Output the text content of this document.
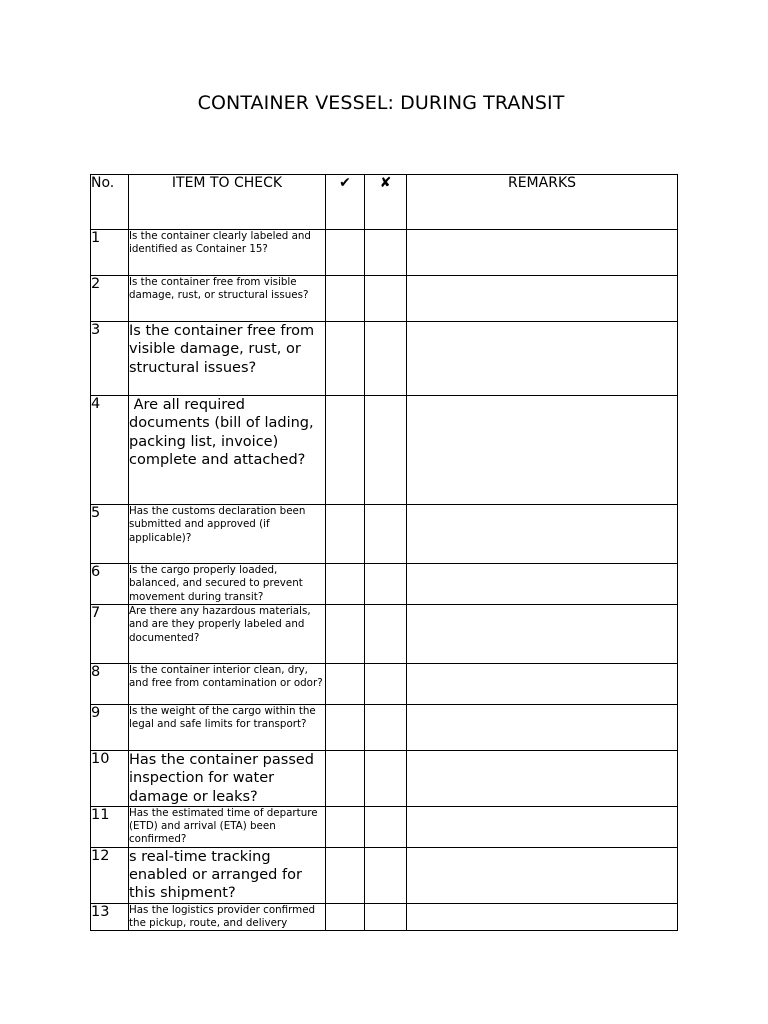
CONTAINER VESSEL: DURING TRANSIT
No.	ITEM TO CHECK	✔	✘	REMARKS
1	Is the container clearly labeled and identified as Container 15?			

2	Is the container free from visible damage, rust, or structural issues?			

3	Is the container free from visible damage, rust, or structural issues?			

4	Are all required documents (bill of lading, packing list, invoice) complete and attached?			

5	Has the customs declaration been submitted and approved (if applicable)?			

6	Is the cargo properly loaded, balanced, and secured to prevent movement during transit?			

7	Are there any hazardous materials, and are they properly labeled and documented?			

8	Is the container interior clean, dry, and free from contamination or odor?			

9	Is the weight of the cargo within the legal and safe limits for transport?			

10	Has the container passed inspection for water damage or leaks?			

11	Has the estimated time of departure (ETD) and arrival (ETA) been confirmed?			

12	s real-time tracking enabled or arranged for this shipment?			

13	Has the logistics provider confirmed the pickup, route, and delivery			
